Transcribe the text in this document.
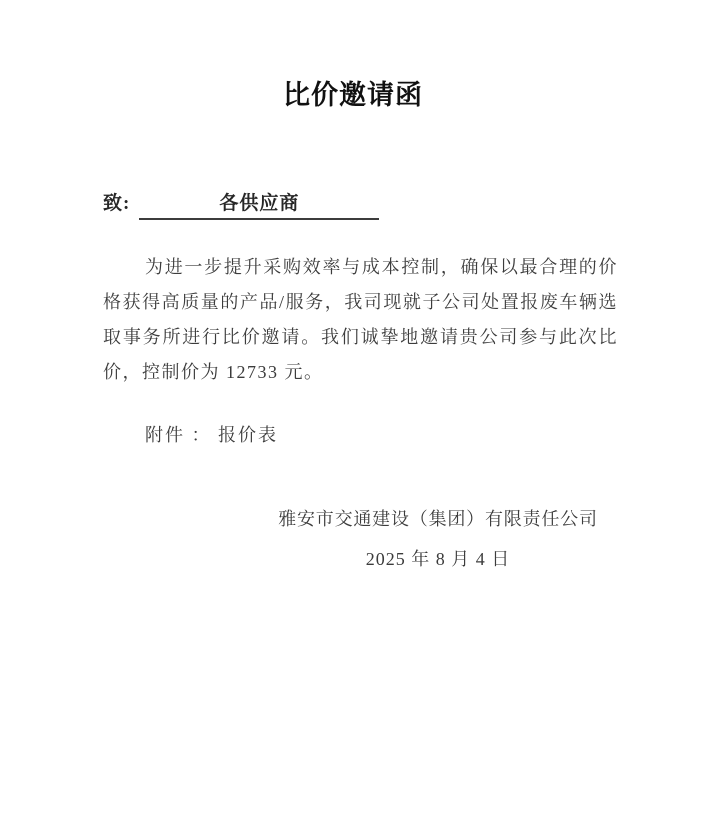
比价邀请函
致:	各供应商

为进一步提升采购效率与成本控制，确保以最合理的价格获得高质量的产品/服务，我司现就子公司处置报废车辆选取事务所进行比价邀请。我们诚挚地邀请贵公司参与此次比价，控制价为 12733 元。

附件 ： 报价表

雅安市交通建设（集团）有限责任公司
2025 年 8 月 4 日
